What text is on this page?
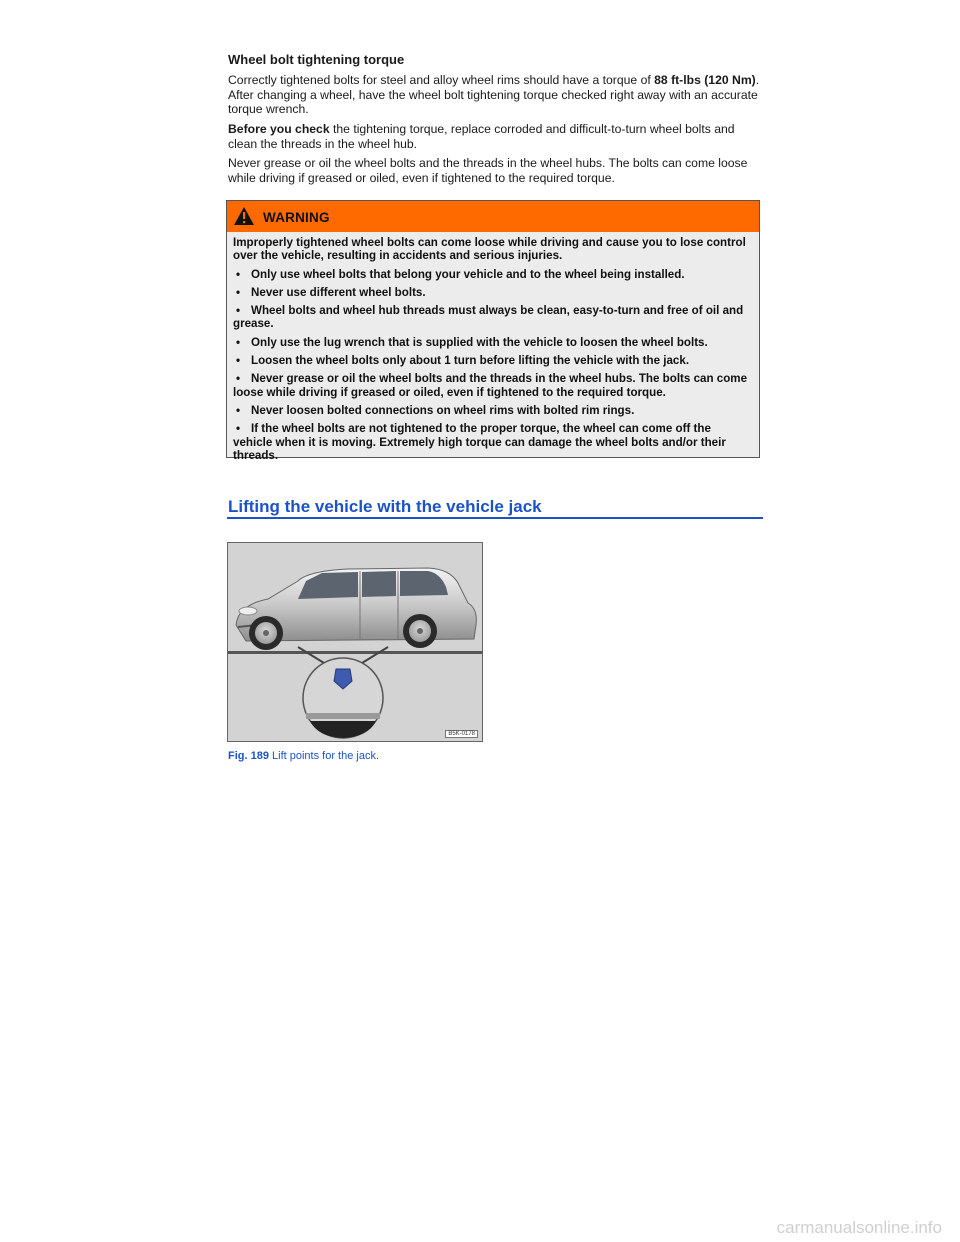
Wheel bolt tightening torque

Correctly tightened bolts for steel and alloy wheel rims should have a torque of 88 ft-lbs (120 Nm). After changing a wheel, have the wheel bolt tightening torque checked right away with an accurate torque wrench.

Before you check the tightening torque, replace corroded and difficult-to-turn wheel bolts and clean the threads in the wheel hub.

Never grease or oil the wheel bolts and the threads in the wheel hubs. The bolts can come loose while driving if greased or oiled, even if tightened to the required torque.

WARNING

Improperly tightened wheel bolts can come loose while driving and cause you to lose control over the vehicle, resulting in accidents and serious injuries.

• Only use wheel bolts that belong your vehicle and to the wheel being installed.
• Never use different wheel bolts.
• Wheel bolts and wheel hub threads must always be clean, easy-to-turn and free of oil and grease.
• Only use the lug wrench that is supplied with the vehicle to loosen the wheel bolts.
• Loosen the wheel bolts only about 1 turn before lifting the vehicle with the jack.
• Never grease or oil the wheel bolts and the threads in the wheel hubs. The bolts can come loose while driving if greased or oiled, even if tightened to the required torque.
• Never loosen bolted connections on wheel rims with bolted rim rings.
• If the wheel bolts are not tightened to the proper torque, the wheel can come off the vehicle when it is moving. Extremely high torque can damage the wheel bolts and/or their threads.
Lifting the vehicle with the vehicle jack
B5K-0178

Fig. 189 Lift points for the jack.

carmanualsonline.info
